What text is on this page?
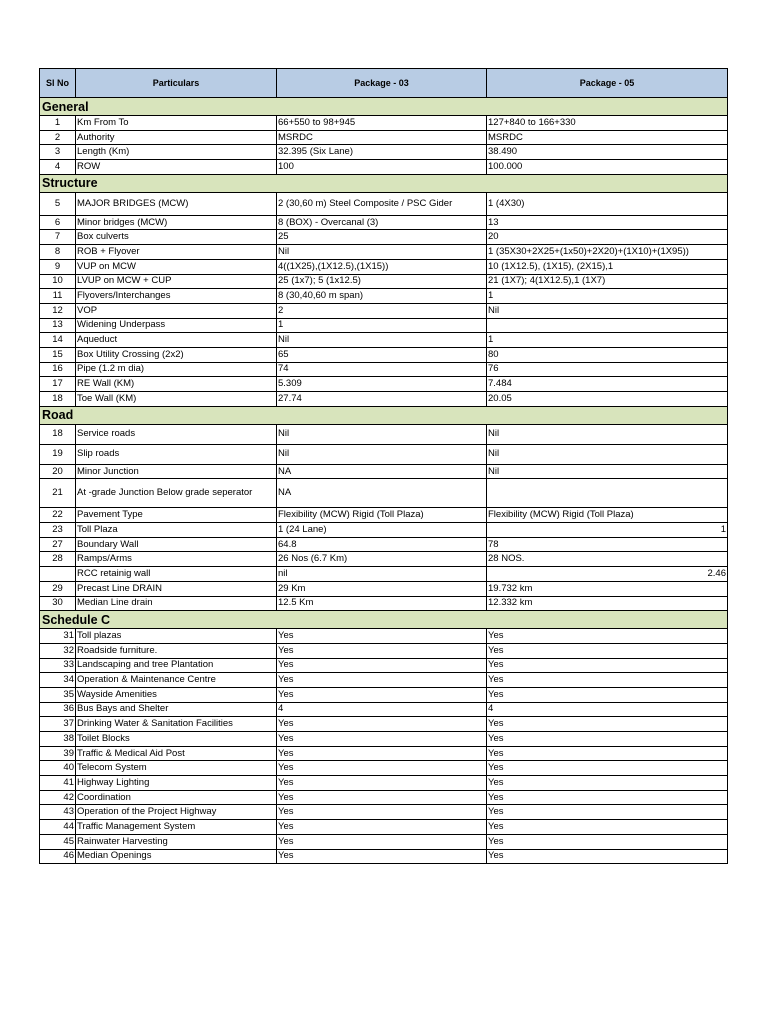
Sl No	Particulars	Package - 03	Package - 05
General			
1	Km From To	66+550 to 98+945	127+840 to 166+330
2	Authority	MSRDC	MSRDC
3	Length (Km)	32.395 (Six Lane)	38.490
4	ROW	100	100.000
Structure			
5	MAJOR BRIDGES (MCW)	2 (30,60 m) Steel Composite / PSC Gider	1 (4X30)
6	Minor bridges (MCW)	8 (BOX) - Overcanal (3)	13
7	Box culverts	25	20
8	ROB + Flyover	Nil	1 (35X30+2X25+(1x50)+2X20)+(1X10)+(1X95))
9	VUP on MCW	4((1X25),(1X12.5),(1X15))	10 (1X12.5), (1X15), (2X15),1
10	LVUP on MCW + CUP	25 (1x7); 5 (1x12.5)	21 (1X7); 4(1X12.5),1 (1X7)
11	Flyovers/Interchanges	8 (30,40,60 m span)	1
12	VOP	2	Nil
13	Widening Underpass	1	
14	Aqueduct	Nil	1
15	Box Utility Crossing (2x2)	65	80
16	Pipe (1.2 m dia)	74	76
17	RE Wall (KM)	5.309	7.484
18	Toe Wall (KM)	27.74	20.05
Road			
18	Service roads	Nil	Nil
19	Slip roads	Nil	Nil
20	Minor Junction	NA	Nil
21	At -grade Junction Below grade seperator	NA	
22	Pavement Type	Flexibility (MCW) Rigid (Toll Plaza)	Flexibility (MCW) Rigid (Toll Plaza)
23	Toll Plaza	1 (24 Lane)	1
27	Boundary Wall	64.8	78
28	Ramps/Arms	26 Nos (6.7 Km)	28 NOS.
	RCC retainig wall	nil	2.46
29	Precast Line DRAIN	29 Km	19.732 km
30	Median Line drain	12.5 Km	12.332 km
Schedule C			
31	Toll plazas	Yes	Yes
32	Roadside furniture.	Yes	Yes
33	Landscaping and tree Plantation	Yes	Yes
34	Operation & Maintenance Centre	Yes	Yes
35	Wayside Amenities	Yes	Yes
36	Bus Bays and Shelter	4	4
37	Drinking Water & Sanitation Facilities	Yes	Yes
38	Toilet Blocks	Yes	Yes
39	Traffic & Medical Aid Post	Yes	Yes
40	Telecom System	Yes	Yes
41	Highway Lighting	Yes	Yes
42	Coordination	Yes	Yes
43	Operation of the Project Highway	Yes	Yes
44	Traffic Management System	Yes	Yes
45	Rainwater Harvesting	Yes	Yes
46	Median Openings	Yes	Yes
